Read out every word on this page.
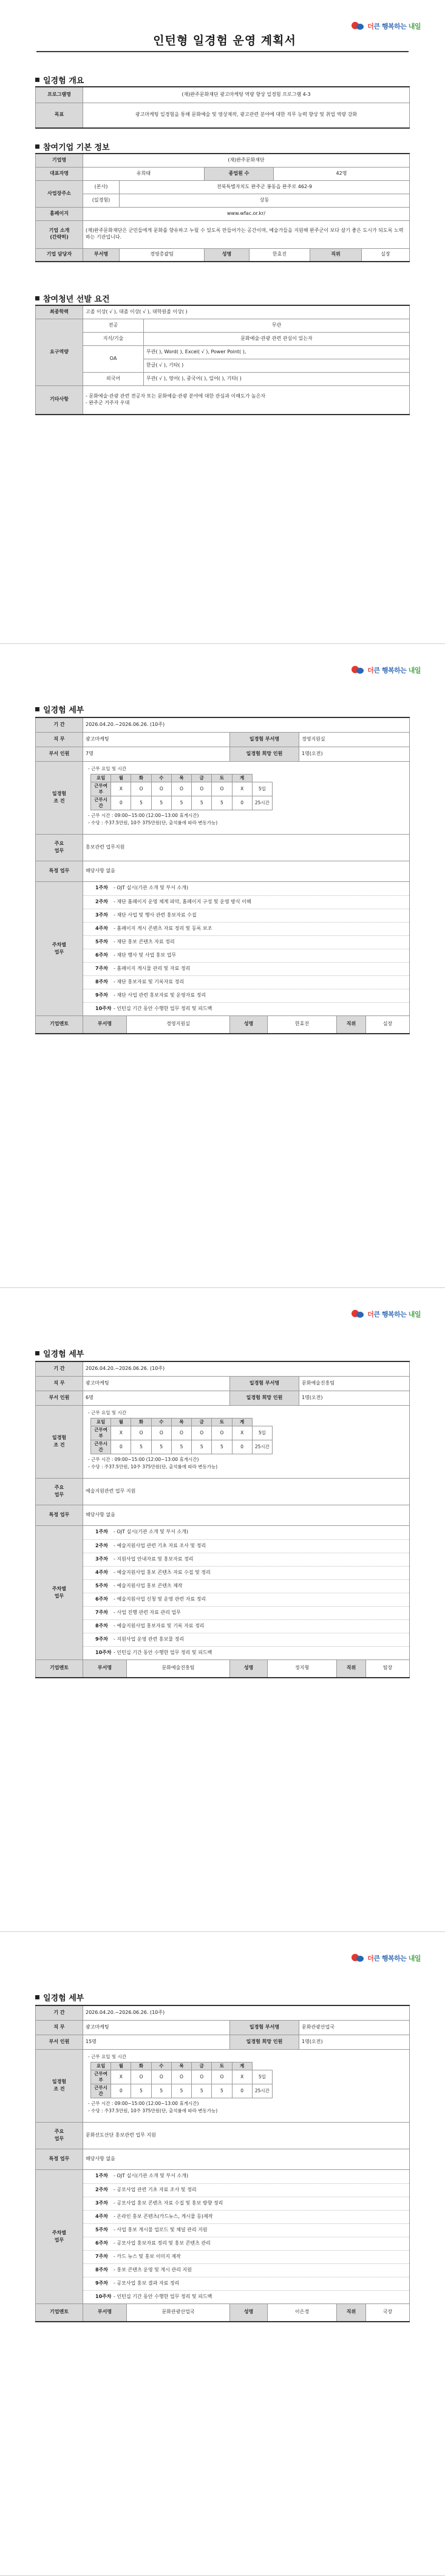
더큰 행복하는 내일
인턴형 일경험 운영 계획서
일경험 개요
프로그램명	(재)완주문화재단 광고마케팅 역량 향상 일경험 프로그램 4-3
목표	광고마케팅 일경험을 통해 문화예술 및 영상제작, 광고관련 분야에 대한 직무 능력 향상 및 취업 역량 강화
참여기업 기본 정보
기업명	(재)완주문화재단						
대표자명	유희태		종업원 수		42명		
사업장주소	(본사)	전북특별자치도 완주군 봉동읍 완주로 462-9					
	(일경험)	상동					
홈페이지	www.wfac.or.kr/						
기업 소개
(간략히)	(재)완주문화재단은 군민들에게 문화를 향유하고 누릴 수 있도록 만들어가는 공간이며, 예술가들을 지원해 완주군이 보다 살기 좋은 도시가 되도록 노력하는 기관입니다.						
기업 담당자	부서명	경영총괄팀	성명	한효진		직위	실장
참여청년 선발 요건
최종학력	고졸 이상( √ ), 대졸 이상( √ ), 대학원졸 이상( )	
요구역량	전공	무관
	지식/기술	문화예술·관광 관련 관심이 있는자
	OA	무관( ), Word( ), Excel( √ ), Power Point( ),
		한글( √ ), 기타( )
	외국어	무관( √ ), 영어( ), 중국어( ), 일어( ), 기타( )
기타사항	- 문화예술·관광 관련 전공자 또는 문화예술·관광 분야에 대한 관심과 이해도가 높은자
- 완주군 거주자 우대	
더큰 행복하는 내일
일경험 세부
기 간	2026.04.20.~2026.06.26. (10주)
직 무	광고마케팅	일경험 부서명	경영지원실
부서 인원	7명	일경험 희망 인원	1명(오전)
일경험
조 건	
- 근무 요일 및 시간
요일	월	화	수	목	금	토	계
근무여부	X	O	O	O	O	O	X	5일
근무시간	0	5	5	5	5	5	0	25시간
- 근무 시간 : 09:00~15:00 (12:00~13:00 휴게시간)
- 수당 : 주37.5만원, 10주 375만원(단, 출석률에 따라 변동가능)

주요
업무	홍보관련 업무지원
특정 업무	해당사항 없음
주차별
업무	
1주차	- OJT 실시(기관 소개 및 부서 소개)
2주차	- 재단 홈페이지 운영 체계 파악, 홈페이지 구성 및 운영 방식 이해
3주차	- 재단 사업 및 행사 관련 홍보자료 수집
4주차	- 홈페이지 게시 콘텐츠 자료 정리 및 등록 보조
5주차	- 재단 홍보 콘텐츠 자료 정리
6주차	- 재단 행사 및 사업 홍보 업무
7주차	- 홈페이지 게시물 관리 및 자료 정리
8주차	- 재단 홍보자료 및 기록자료 정리
9주차	- 재단 사업 관련 홍보자료 및 운영자료 정리
10주차 - 인턴십 기간 동안 수행한 업무 정리 및 피드백

기업멘토	부서명	경영지원실	성명	한효진	직위	실장
더큰 행복하는 내일
일경험 세부
기 간	2026.04.20.~2026.06.26. (10주)
직 무	광고마케팅	일경험 부서명	문화예술진흥팀
부서 인원	6명	일경험 희망 인원	1명(오전)
일경험
조 건	
- 근무 요일 및 시간
요일	월	화	수	목	금	토	계
근무여부	X	O	O	O	O	O	X	5일
근무시간	0	5	5	5	5	5	0	25시간
- 근무 시간 : 09:00~15:00 (12:00~13:00 휴게시간)
- 수당 : 주37.5만원, 10주 375만원(단, 출석률에 따라 변동가능)

주요
업무	예술지원관련 업무 지원
특정 업무	해당사항 없음
주차별
업무	
1주차	- OJT 실시(기관 소개 및 부서 소개)
2주차	- 예술지원사업 관련 기초 자료 조사 및 정리
3주차	- 지원사업 안내자료 및 홍보자료 정리
4주차	- 예술지원사업 홍보 콘텐츠 자료 수집 및 정리
5주차	- 예술지원사업 홍보 콘텐츠 제작
6주차	- 예술지원사업 신청 및 운영 관련 자료 정리
7주차	- 사업 진행 관련 자료 관리 업무
8주차	- 예술지원사업 홍보자료 및 기록 자료 정리
9주차	- 지원사업 운영 관련 홍보물 정리
10주차 - 인턴십 기간 동안 수행한 업무 정리 및 피드백

기업멘토	부서명	문화예술진흥팀	성명	정지형	직위	팀장
더큰 행복하는 내일
일경험 세부
기 간	2026.04.20.~2026.06.26. (10주)
직 무	광고마케팅	일경험 부서명	문화관광산업국
부서 인원	15명	일경험 희망 인원	1명(오전)
일경험
조 건	
- 근무 요일 및 시간
요일	월	화	수	목	금	토	계
근무여부	X	O	O	O	O	O	X	5일
근무시간	0	5	5	5	5	5	0	25시간
- 근무 시간 : 09:00~15:00 (12:00~13:00 휴게시간)
- 수당 : 주37.5만원, 10주 375만원(단, 출석률에 따라 변동가능)

주요
업무	문화선도산단 홍보관련 업무 지원
특정 업무	해당사항 없음
주차별
업무	
1주차	- OJT 실시(기관 소개 및 부서 소개)
2주차	- 공모사업 관련 기초 자료 조사 및 정리
3주차	- 공모사업 홍보 콘텐츠 자료 수집 및 홍보 방향 정리
4주차	- 온라인 홍보 콘텐츠(카드뉴스, 게시물 등)제작
5주차	- 사업 홍보 게시물 업로드 및 채널 관리 지원
6주차	- 공모사업 홍보자료 정리 및 홍보 콘텐츠 관리
7주차	- 카드 뉴스 및 홍보 이미지 제작
8주차	- 홍보 콘텐츠 운영 및 게시 관리 지원
9주차	- 공모사업 홍보 결과 자료 정리
10주차 - 인턴십 기간 동안 수행한 업무 정리 및 피드백

기업멘토	부서명	문화관광산업국	성명	이은경	직위	국장
